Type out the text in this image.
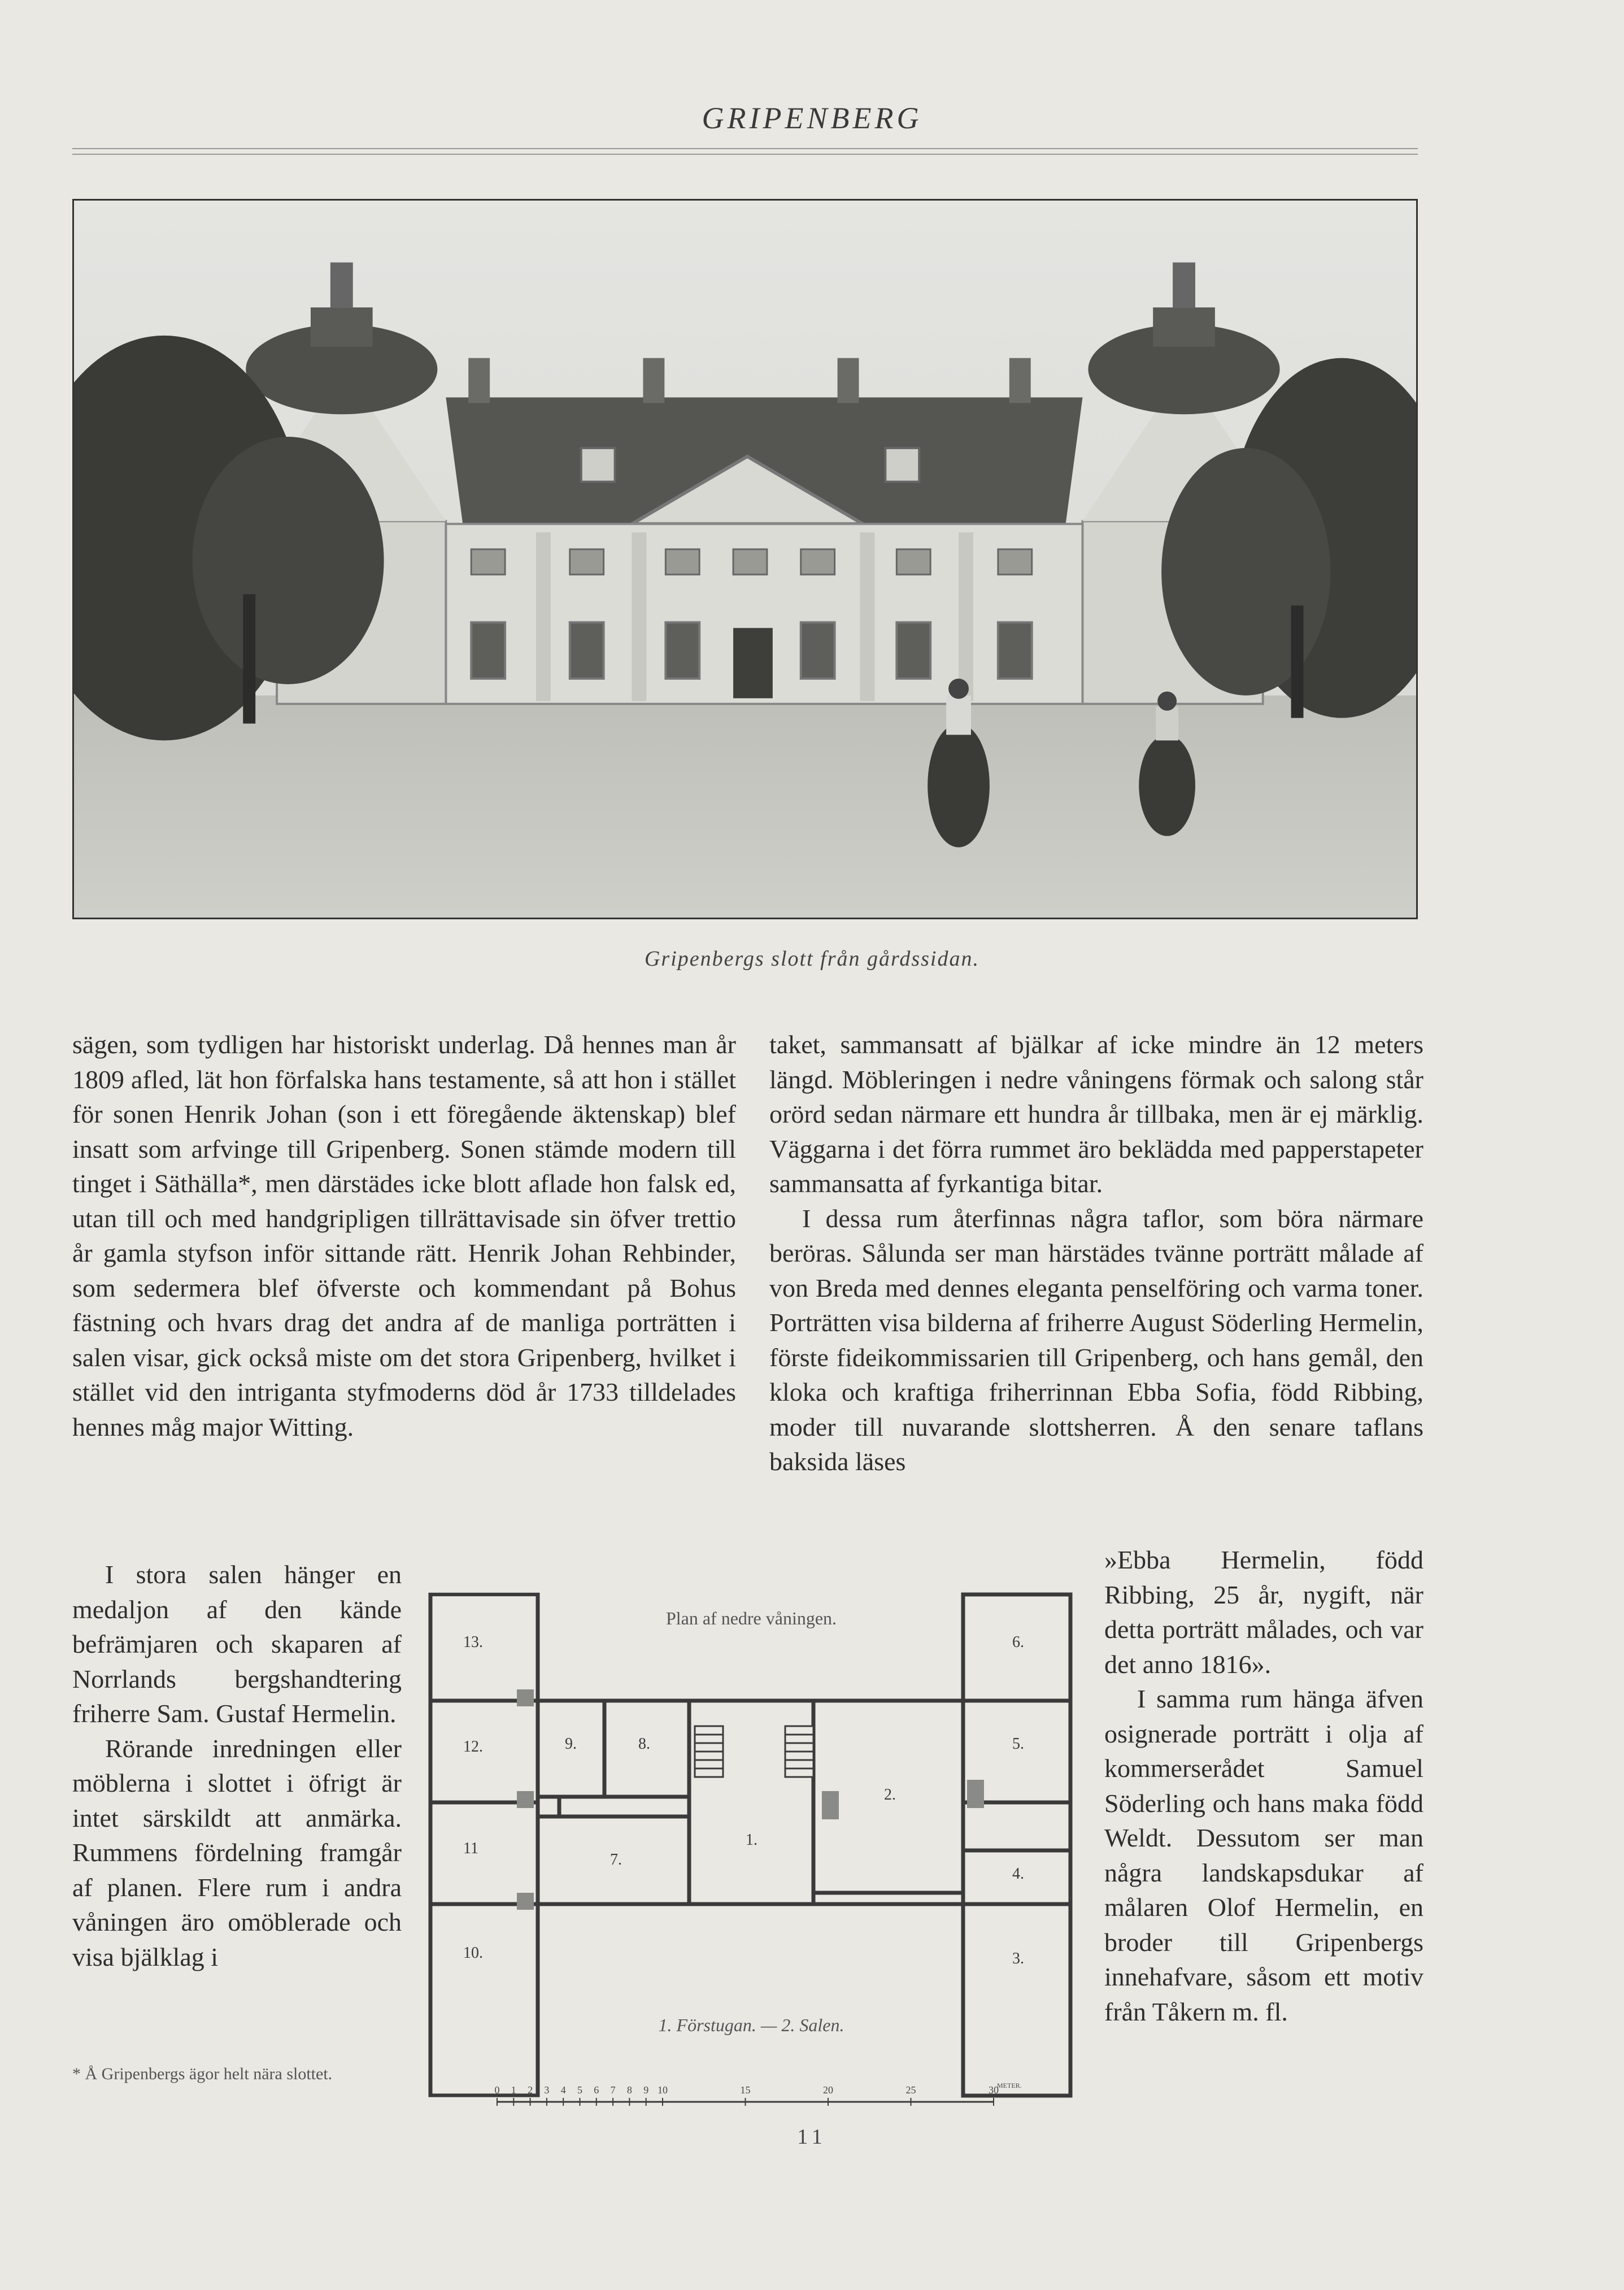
GRIPENBERG
Gripenbergs slott från gårdssidan.

sägen, som tydligen har historiskt underlag. Då hennes man år 1809 afled, lät hon förfalska hans testamente, så att hon i stället för sonen Henrik Johan (son i ett föregående äktenskap) blef insatt som arfvinge till Gripenberg. Sonen stämde modern till tinget i Säthälla*, men därstädes icke blott aflade hon falsk ed, utan till och med handgripligen tillrättavisade sin öfver trettio år gamla styfson inför sittande rätt. Henrik Johan Rehbinder, som sedermera blef öfverste och kommendant på Bohus fästning och hvars drag det andra af de manliga porträtten i salen visar, gick också miste om det stora Gripenberg, hvilket i stället vid den intriganta styfmoderns död år 1733 tilldelades hennes måg major Witting.

I stora salen hänger en medaljon af den kände befrämjaren och skaparen af Norrlands bergshandtering friherre Sam. Gustaf Hermelin.

Rörande inredningen eller möblerna i slottet i öfrigt är intet särskildt att anmärka. Rummens fördelning framgår af planen. Flere rum i andra våningen äro omöblerade och visa bjälklag i

* Å Gripenbergs ägor helt nära slottet.

taket, sammansatt af bjälkar af icke mindre än 12 meters längd. Möbleringen i nedre våningens förmak och salong står orörd sedan närmare ett hundra år tillbaka, men är ej märklig. Väggarna i det förra rummet äro beklädda med papperstapeter sammansatta af fyrkantiga bitar.

I dessa rum återfinnas några taflor, som böra närmare beröras. Sålunda ser man härstädes tvänne porträtt målade af von Breda med dennes eleganta penselföring och varma toner. Porträtten visa bilderna af friherre August Söderling Hermelin, förste fideikommissarien till Gripenberg, och hans gemål, den kloka och kraftiga friherrinnan Ebba Sofia, född Ribbing, moder till nuvarande slottsherren. Å den senare taflans baksida läses

»Ebba Hermelin, född Ribbing, 25 år, nygift, när detta porträtt målades, och var det anno 1816».

I samma rum hänga äfven osignerade porträtt i olja af kommerserådet Samuel Söderling och hans maka född Weldt. Dessutom ser man några landskapsdukar af målaren Olof Hermelin, en broder till Gripenbergs innehafvare, såsom ett motiv från Tåkern m. fl.

13.
12.
11
10.
9.	8.
7.
1.
2.
6.
5.
4.
3.
Plan af nedre våningen.
1. Förstugan. — 2. Salen.
0 1 2 3 4 5 6 7 8 9 10	15	20	25	30
METER.
11
